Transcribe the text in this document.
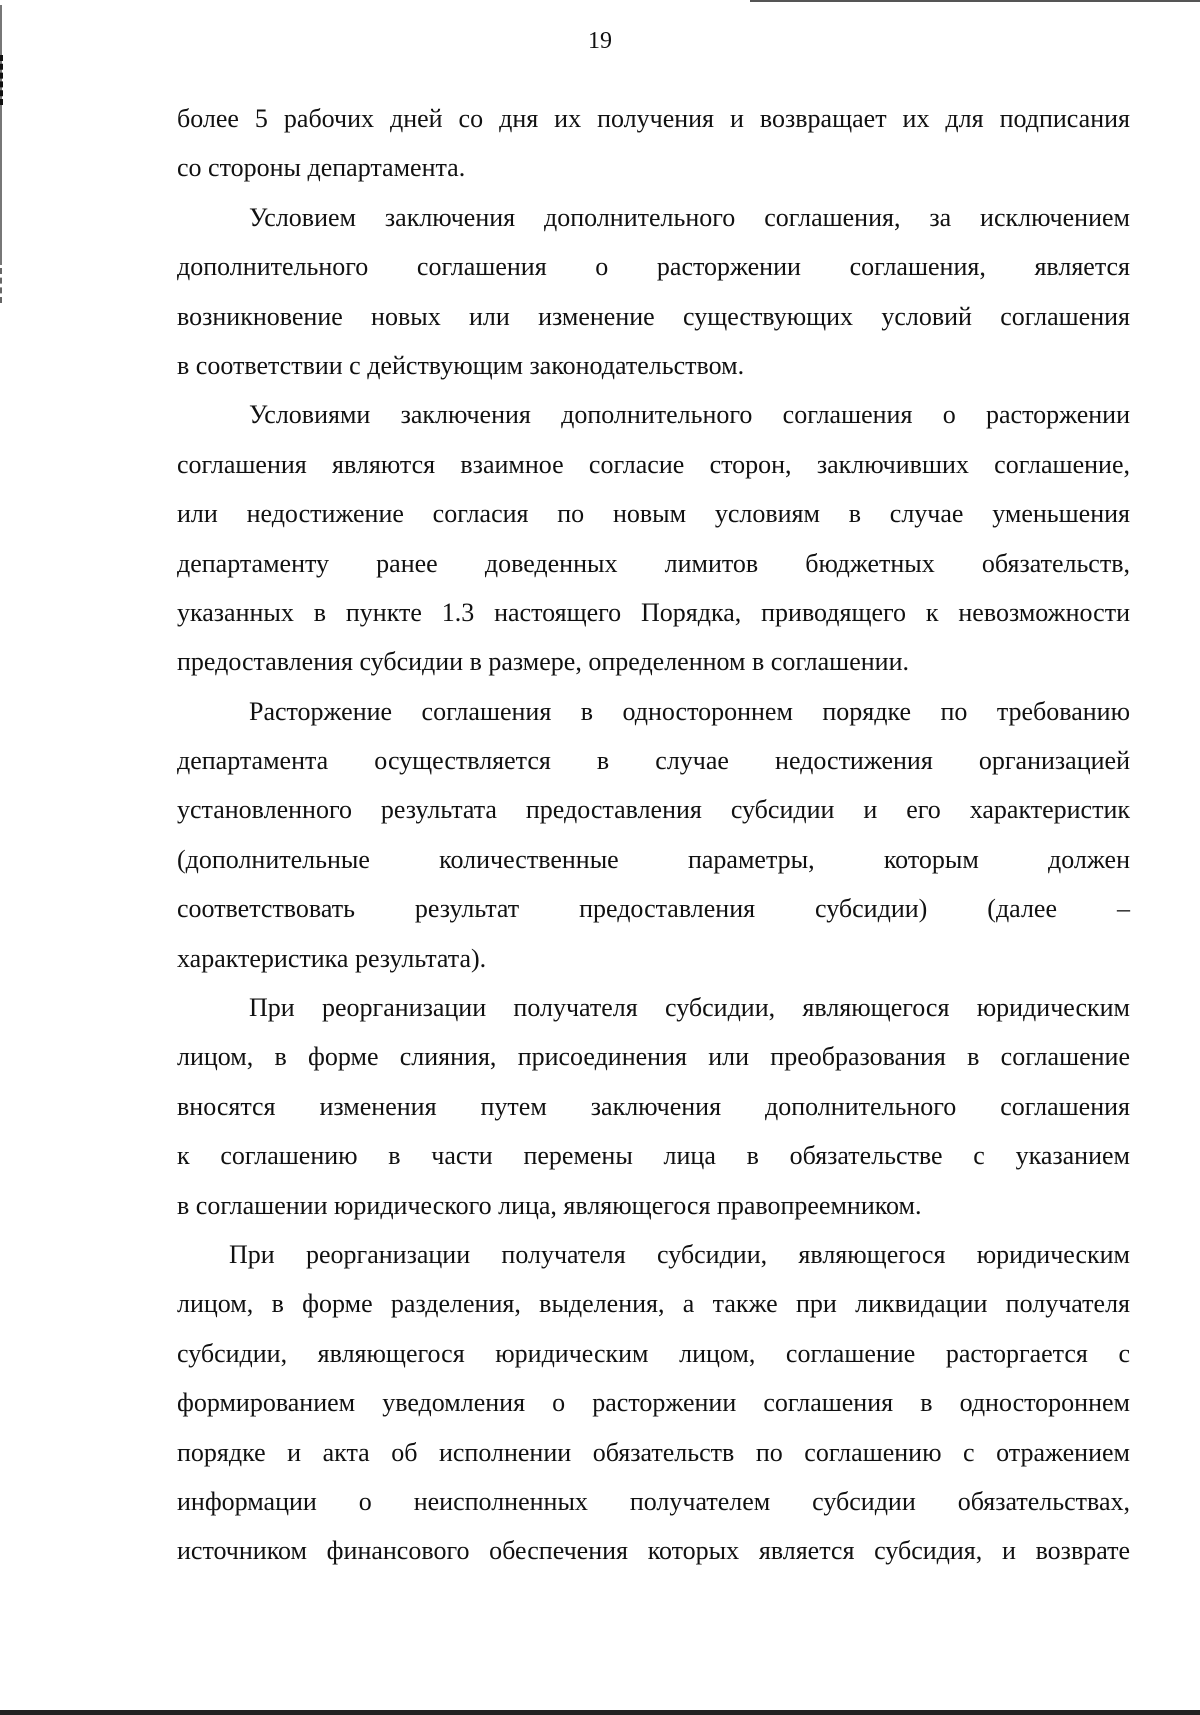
19
более 5 рабочих дней со дня их получения и возвращает их для подписания
со стороны департамента.
Условием заключения дополнительного соглашения, за исключением
дополнительного соглашения о расторжении соглашения, является
возникновение новых или изменение существующих условий соглашения
в соответствии с действующим законодательством.
Условиями заключения дополнительного соглашения о расторжении
соглашения являются взаимное согласие сторон, заключивших соглашение,
или недостижение согласия по новым условиям в случае уменьшения
департаменту ранее доведенных лимитов бюджетных обязательств,
указанных в пункте 1.3 настоящего Порядка, приводящего к невозможности
предоставления субсидии в размере, определенном в соглашении.
Расторжение соглашения в одностороннем порядке по требованию
департамента осуществляется в случае недостижения организацией
установленного результата предоставления субсидии и его характеристик
(дополнительные количественные параметры, которым должен
соответствовать результат предоставления субсидии) (далее –
характеристика результата).
При реорганизации получателя субсидии, являющегося юридическим
лицом, в форме слияния, присоединения или преобразования в соглашение
вносятся изменения путем заключения дополнительного соглашения
к соглашению в части перемены лица в обязательстве с указанием
в соглашении юридического лица, являющегося правопреемником.
При реорганизации получателя субсидии, являющегося юридическим
лицом, в форме разделения, выделения, а также при ликвидации получателя
субсидии, являющегося юридическим лицом, соглашение расторгается с
формированием уведомления о расторжении соглашения в одностороннем
порядке и акта об исполнении обязательств по соглашению с отражением
информации о неисполненных получателем субсидии обязательствах,
источником финансового обеспечения которых является субсидия, и возврате
